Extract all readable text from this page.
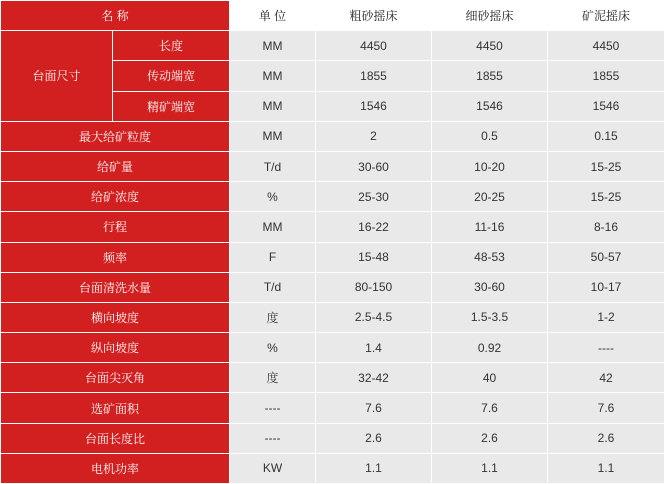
名 称		单 位	粗砂摇床	细砂摇床	矿泥摇床
台面尺寸	长度	MM	4450	4450	4450
	传动端宽	MM	1855	1855	1855
	精矿端宽	MM	1546	1546	1546
最大给矿粒度		MM	2	0.5	0.15
给矿量		T/d	30-60	10-20	15-25
给矿浓度		%	25-30	20-25	15-25
行程		MM	16-22	11-16	8-16
频率		F	15-48	48-53	50-57
台面清洗水量		T/d	80-150	30-60	10-17
横向坡度		度	2.5-4.5	1.5-3.5	1-2
纵向坡度		%	1.4	0.92	----
台面尖灭角		度	32-42	40	42
选矿面积		----	7.6	7.6	7.6
台面长度比		----	2.6	2.6	2.6
电机功率		KW	1.1	1.1	1.1
